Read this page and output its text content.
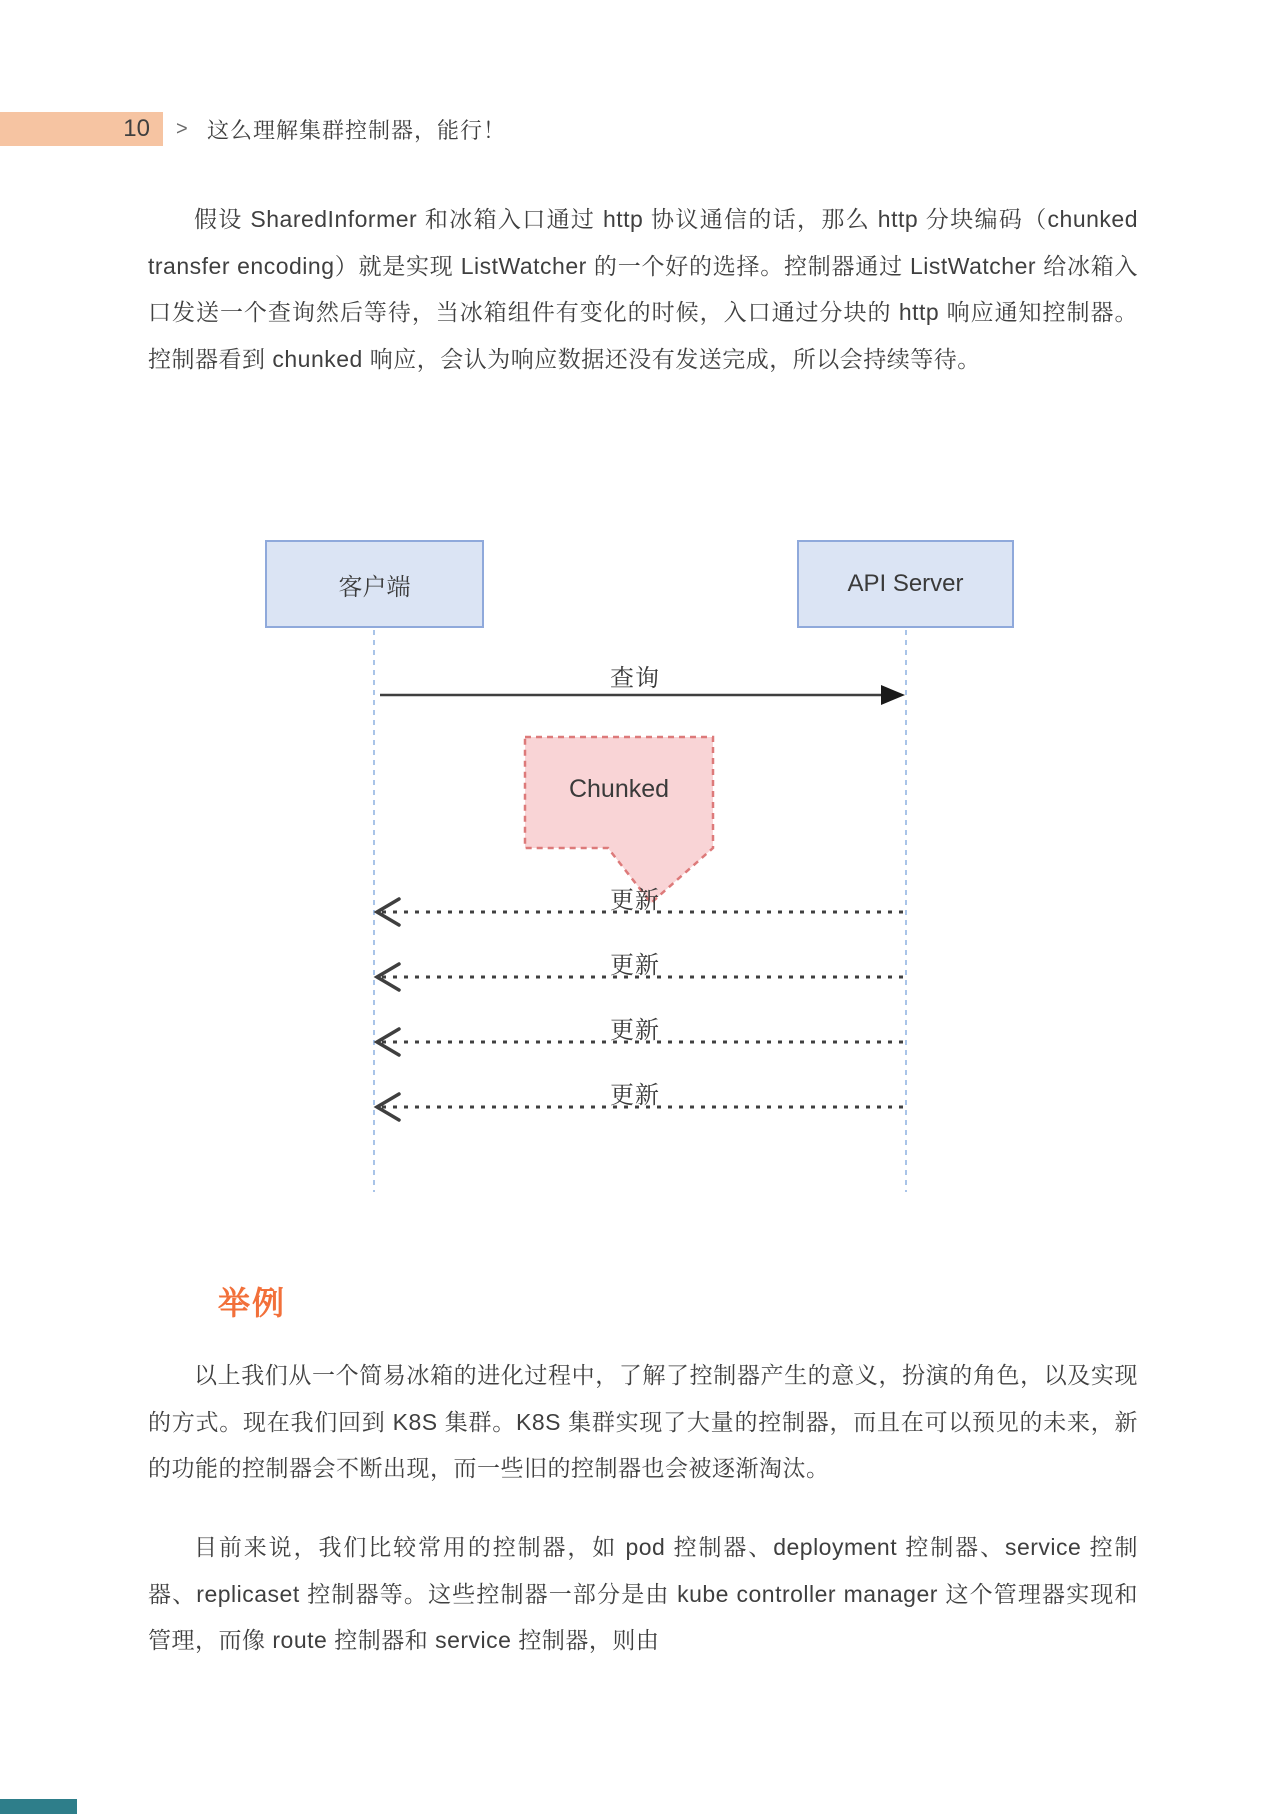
10 > 这么理解集群控制器，能行！
假设 SharedInformer 和冰箱入口通过 http 协议通信的话，那么 http 分块编码（chunked transfer encoding）就是实现 ListWatcher 的一个好的选择。控制器通过 ListWatcher 给冰箱入口发送一个查询然后等待，当冰箱组件有变化的时候，入口通过分块的 http 响应通知控制器。控制器看到 chunked 响应，会认为响应数据还没有发送完成，所以会持续等待。
客户端	API Server
查询
Chunked
更新
更新
更新
更新
举例
以上我们从一个简易冰箱的进化过程中，了解了控制器产生的意义，扮演的角色，以及实现的方式。现在我们回到 K8S 集群。K8S 集群实现了大量的控制器，而且在可以预见的未来，新的功能的控制器会不断出现，而一些旧的控制器也会被逐渐淘汰。
目前来说，我们比较常用的控制器，如 pod 控制器、deployment 控制器、service 控制器、replicaset 控制器等。这些控制器一部分是由 kube controller manager 这个管理器实现和管理，而像 route 控制器和 service 控制器，则由
